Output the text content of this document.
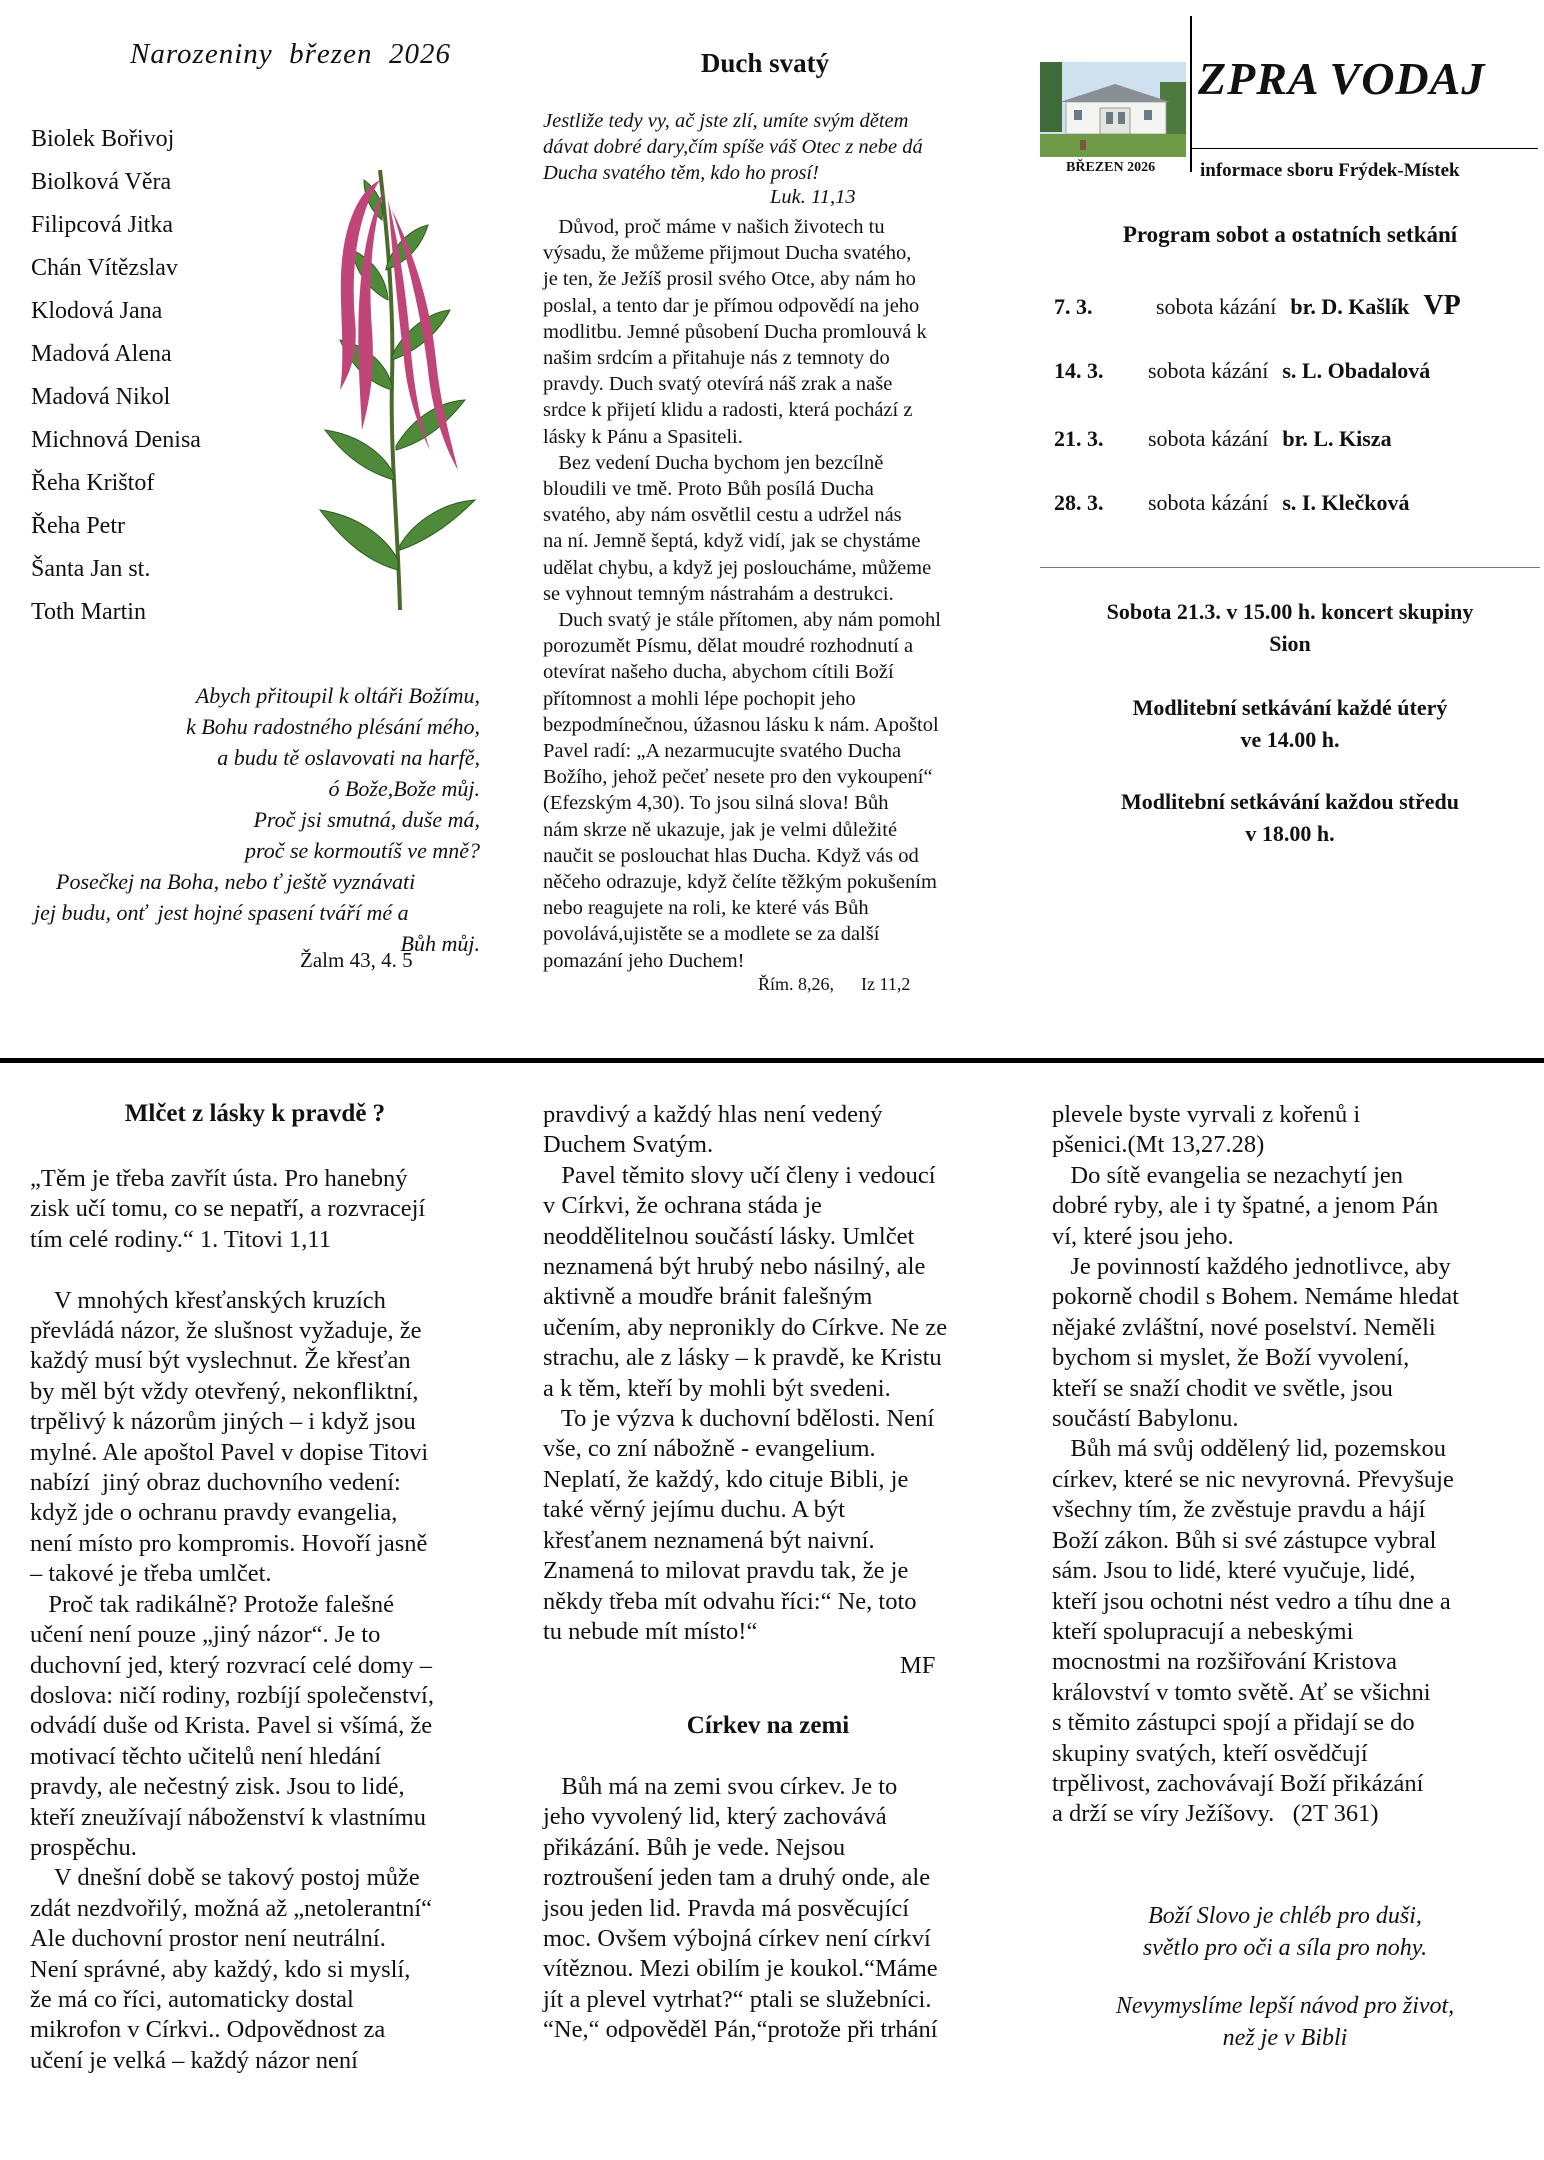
Narozeniny  březen  2026
Biolek Bořivoj
Biolková Věra
Filipcová Jitka
Chán Vítězslav
Klodová Jana
Madová Alena
Madová Nikol
Michnová Denisa
Řeha Krištof
Řeha Petr
Šanta Jan st.
Toth Martin
Abych přitoupil k oltáři Božímu,
k Bohu radostného plésání mého,
a budu tě oslavovati na harfě,
ó Bože,Bože můj.
Proč jsi smutná, duše má,
proč se kormoutíš ve mně?
Posečkej na Boha, nebo ť ještě vyznávati
jej budu, onť  jest hojné spasení tváří mé a
Bůh můj.
Žalm 43, 4. 5
Duch svatý
Jestliže tedy vy, ač jste zlí, umíte svým dětem
dávat dobré dary,čím spíše váš Otec z nebe dá
Ducha svatého těm, kdo ho prosí!
Luk. 11,13
Důvod, proč máme v našich životech tu
výsadu, že můžeme přijmout Ducha svatého,
je ten, že Ježíš prosil svého Otce, aby nám ho
poslal, a tento dar je přímou odpovědí na jeho
modlitbu. Jemné působení Ducha promlouvá k
našim srdcím a přitahuje nás z temnoty do
pravdy. Duch svatý otevírá náš zrak a naše
srdce k přijetí klidu a radosti, která pochází z
lásky k Pánu a Spasiteli.
Bez vedení Ducha bychom jen bezcílně
bloudili ve tmě. Proto Bůh posílá Ducha
svatého, aby nám osvětlil cestu a udržel nás
na ní. Jemně šeptá, když vidí, jak se chystáme
udělat chybu, a když jej posloucháme, můžeme
se vyhnout temným nástrahám a destrukci.
Duch svatý je stále přítomen, aby nám pomohl
porozumět Písmu, dělat moudré rozhodnutí a
otevírat našeho ducha, abychom cítili Boží
přítomnost a mohli lépe pochopit jeho
bezpodmínečnou, úžasnou lásku k nám. Apoštol
Pavel radí: „A nezarmucujte svatého Ducha
Božího, jehož pečeť nesete pro den vykoupení“
(Efezským 4,30). To jsou silná slova! Bůh
nám skrze ně ukazuje, jak je velmi důležité
naučit se poslouchat hlas Ducha. Když vás od
něčeho odrazuje, když čelíte těžkým pokušením
nebo reagujete na roli, ke které vás Bůh
povolává,ujistěte se a modlete se za další
pomazání jeho Duchem!
Řím. 8,26,      Iz 11,2
ZPRA VODAJ
BŘEZEN 2026 informace sboru Frýdek-Místek
Program sobot a ostatních setkání
7. 3.	sobota kázání br. D. Kašlík VP
14. 3. sobota kázání s. L. Obadalová
21. 3. sobota kázání br. L. Kisza
28. 3. sobota kázání s. I. Klečková
Sobota 21.3. v 15.00 h. koncert skupiny
Sion
Modlitební setkávání každé úterý
ve 14.00 h.
Modlitební setkávání každou středu
v 18.00 h.
Mlčet z lásky k pravdě ?
„Těm je třeba zavřít ústa. Pro hanebný
zisk učí tomu, co se nepatří, a rozvracejí
tím celé rodiny.“ 1. Titovi 1,11

V mnohých křesťanských kruzích
převládá názor, že slušnost vyžaduje, že
každý musí být vyslechnut. Že křesťan
by měl být vždy otevřený, nekonfliktní,
trpělivý k názorům jiných – i když jsou
mylné. Ale apoštol Pavel v dopise Titovi
nabízí  jiný obraz duchovního vedení:
když jde o ochranu pravdy evangelia,
není místo pro kompromis. Hovoří jasně
– takové je třeba umlčet.
Proč tak radikálně? Protože falešné
učení není pouze „jiný názor“. Je to
duchovní jed, který rozvrací celé domy –
doslova: ničí rodiny, rozbíjí společenství,
odvádí duše od Krista. Pavel si všímá, že
motivací těchto učitelů není hledání
pravdy, ale nečestný zisk. Jsou to lidé,
kteří zneužívají náboženství k vlastnímu
prospěchu.
V dnešní době se takový postoj může
zdát nezdvořilý, možná až „netolerantní“
Ale duchovní prostor není neutrální.
Není správné, aby každý, kdo si myslí,
že má co říci, automaticky dostal
mikrofon v Církvi.. Odpovědnost za
učení je velká – každý názor není
pravdivý a každý hlas není vedený
Duchem Svatým.
Pavel těmito slovy učí členy i vedoucí
v Církvi, že ochrana stáda je
neoddělitelnou součástí lásky. Umlčet
neznamená být hrubý nebo násilný, ale
aktivně a moudře bránit falešným
učením, aby nepronikly do Církve. Ne ze
strachu, ale z lásky – k pravdě, ke Kristu
a k těm, kteří by mohli být svedeni.
To je výzva k duchovní bdělosti. Není
vše, co zní nábožně - evangelium.
Neplatí, že každý, kdo cituje Bibli, je
také věrný jejímu duchu. A být
křesťanem neznamená být naivní.
Znamená to milovat pravdu tak, že je
někdy třeba mít odvahu říci:“ Ne, toto
tu nebude mít místo!“
MF
Církev na zemi
Bůh má na zemi svou církev. Je to
jeho vyvolený lid, který zachovává
přikázání. Bůh je vede. Nejsou
roztroušení jeden tam a druhý onde, ale
jsou jeden lid. Pravda má posvěcující
moc. Ovšem výbojná církev není církví
vítěznou. Mezi obilím je koukol.“Máme
jít a plevel vytrhat?“ ptali se služebníci.
“Ne,“ odpověděl Pán,“protože při trhání
plevele byste vyrvali z kořenů i
pšenici.(Mt 13,27.28)
Do sítě evangelia se nezachytí jen
dobré ryby, ale i ty špatné, a jenom Pán
ví, které jsou jeho.
Je povinností každého jednotlivce, aby
pokorně chodil s Bohem. Nemáme hledat
nějaké zvláštní, nové poselství. Neměli
bychom si myslet, že Boží vyvolení,
kteří se snaží chodit ve světle, jsou
součástí Babylonu.
Bůh má svůj oddělený lid, pozemskou
církev, které se nic nevyrovná. Převyšuje
všechny tím, že zvěstuje pravdu a hájí
Boží zákon. Bůh si své zástupce vybral
sám. Jsou to lidé, které vyučuje, lidé,
kteří jsou ochotni nést vedro a tíhu dne a
kteří spolupracují a nebeskými
mocnostmi na rozšiřování Kristova
království v tomto světě. Ať se všichni
s těmito zástupci spojí a přidají se do
skupiny svatých, kteří osvědčují
trpělivost, zachovávají Boží přikázání
a drží se víry Ježíšovy.   (2T 361)
Boží Slovo je chléb pro duši,
světlo pro oči a síla pro nohy.
Nevymyslíme lepší návod pro život,
než je v Bibli
